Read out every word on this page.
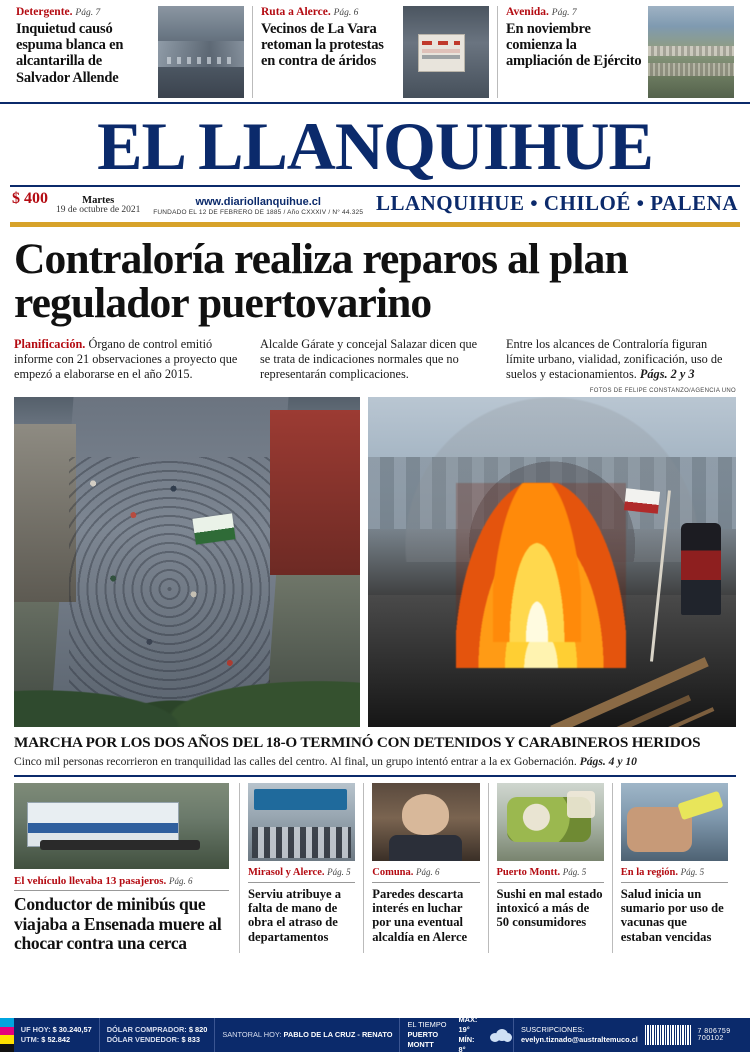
Detergente. Pág. 7
Inquietud causó espuma blanca en alcantarilla de Salvador Allende
Ruta a Alerce. Pág. 6
Vecinos de La Vara retoman la protestas en contra de áridos
Avenida. Pág. 7
En noviembre comienza la ampliación de Ejército
EL LLANQUIHUE
$ 400	Martes
19 de octubre de 2021
www.diariollanquihue.cl
FUNDADO EL 12 DE FEBRERO DE 1885 / Año CXXXIV / N° 44.325 LLANQUIHUE • CHILOÉ • PALENA
Contraloría realiza reparos al plan regulador puertovarino
Planificación. Órgano de control emitió informe con 21 observaciones a proyecto que empezó a elaborarse en el año 2015.
Alcalde Gárate y concejal Salazar dicen que se trata de indicaciones normales que no representarán complicaciones.
Entre los alcances de Contraloría figuran límite urbano, vialidad, zonificación, uso de suelos y estacionamientos. Págs. 2 y 3
FOTOS DE FELIPE CONSTANZO/AGENCIA UNO
MARCHA POR LOS DOS AÑOS DEL 18-O TERMINÓ CON DETENIDOS Y CARABINEROS HERIDOS
Cinco mil personas recorrieron en tranquilidad las calles del centro. Al final, un grupo intentó entrar a la ex Gobernación. Págs. 4 y 10
El vehículo llevaba 13 pasajeros. Pág. 6
Conductor de minibús que viajaba a Ensenada muere al chocar contra una cerca
Mirasol y Alerce. Pág. 5
Serviu atribuye a falta de mano de obra el atraso de departamentos
Comuna. Pág. 6
Paredes descarta interés en luchar por una eventual alcaldía en Alerce
Puerto Montt. Pág. 5
Sushi en mal estado intoxicó a más de 50 consumidores
En la región. Pág. 5
Salud inicia un sumario por uso de vacunas que estaban vencidas
UF HOY: $ 30.240,57
UTM: $ 52.842
DÓLAR COMPRADOR: $ 820
DÓLAR VENDEDOR: $ 833
SANTORAL HOY: PABLO DE LA CRUZ - RENATO
EL TIEMPO
PUERTO MONTT
MÁX: 19°
MÍN: 8°
SUSCRIPCIONES:
evelyn.tiznado@australtemuco.cl
7 806759 700102
